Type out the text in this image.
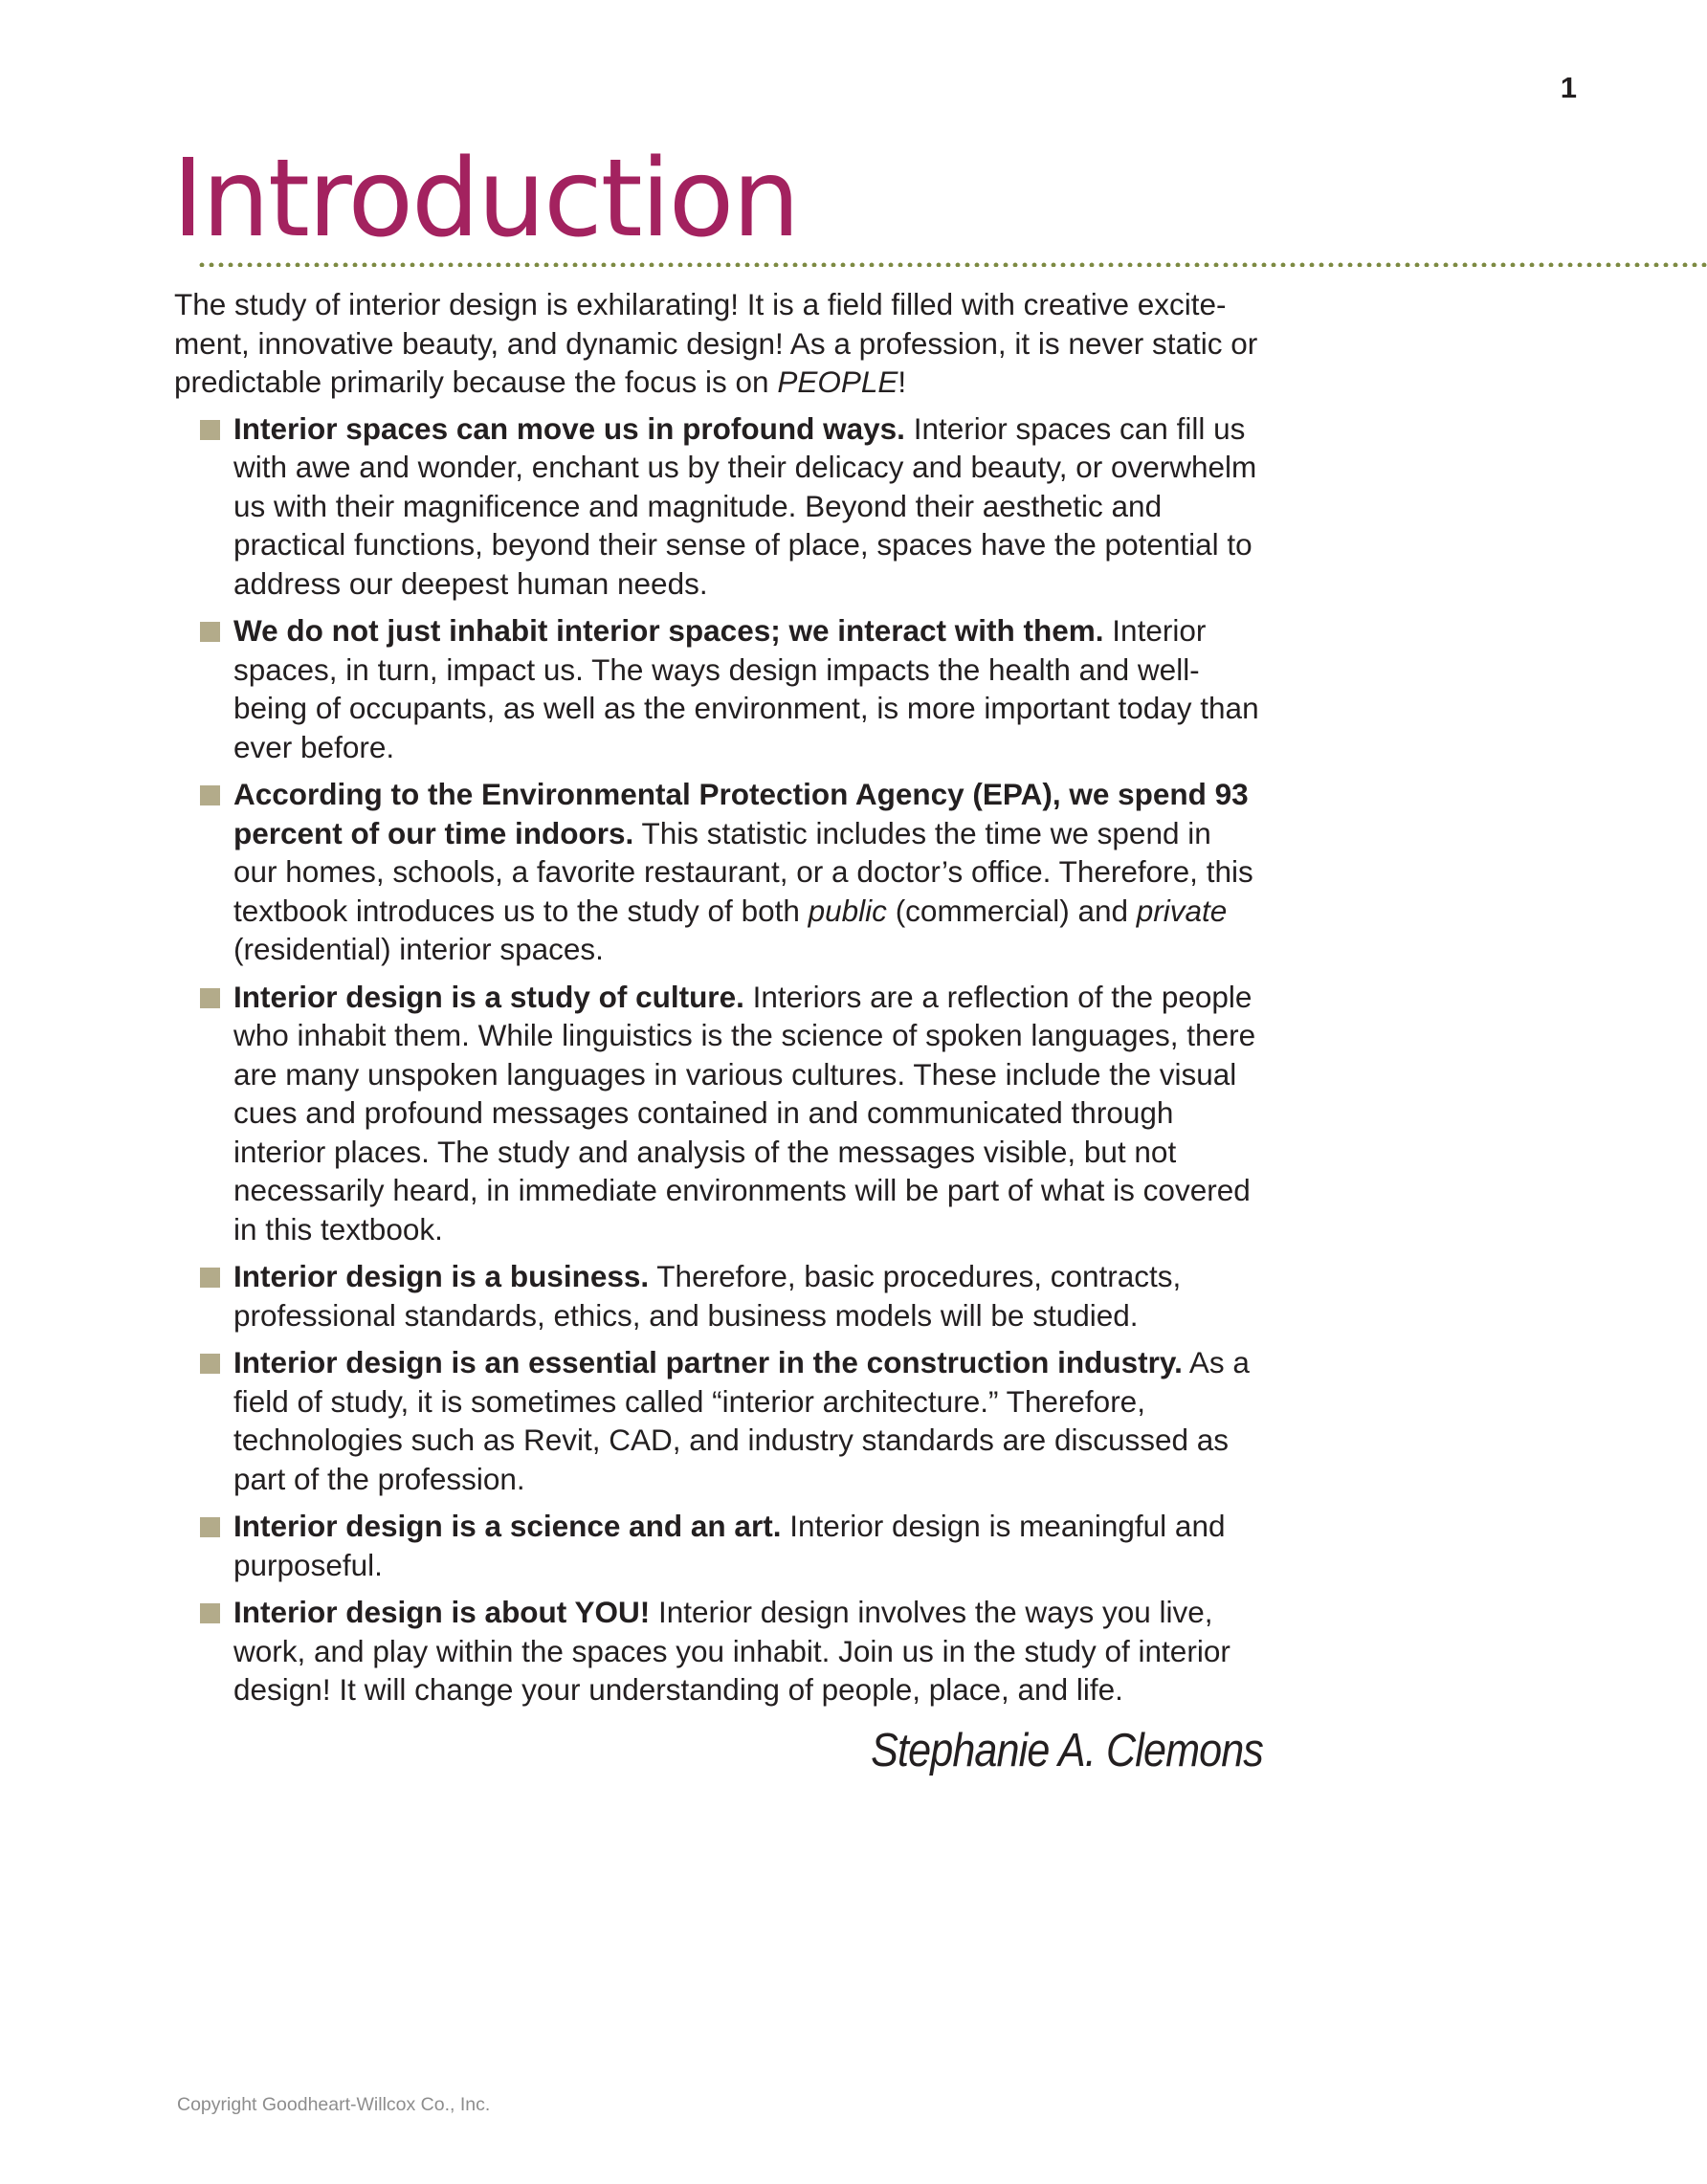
1
Introduction

The study of interior design is exhilarating! It is a field filled with creative excitement, innovative beauty, and dynamic design! As a profession, it is never static or predictable primarily because the focus is on PEOPLE!

Interior spaces can move us in profound ways. Interior spaces can fill us with awe and wonder, enchant us by their delicacy and beauty, or overwhelm us with their magnificence and magnitude. Beyond their aesthetic and practical functions, beyond their sense of place, spaces have the potential to address our deepest human needs.
We do not just inhabit interior spaces; we interact with them. Interior spaces, in turn, impact us. The ways design impacts the health and well-being of occupants, as well as the environment, is more important today than ever before.
According to the Environmental Protection Agency (EPA), we spend 93 percent of our time indoors. This statistic includes the time we spend in our homes, schools, a favorite restaurant, or a doctor’s office. Therefore, this textbook introduces us to the study of both public (commercial) and private (residential) interior spaces.
Interior design is a study of culture. Interiors are a reflection of the people who inhabit them. While linguistics is the science of spoken languages, there are many unspoken languages in various cultures. These include the visual cues and profound messages contained in and communicated through interior places. The study and analysis of the messages visible, but not necessarily heard, in immediate environments will be part of what is covered in this textbook.
Interior design is a business. Therefore, basic procedures, contracts, professional standards, ethics, and business models will be studied.
Interior design is an essential partner in the construction industry. As a field of study, it is sometimes called “interior architecture.” Therefore, technologies such as Revit, CAD, and industry standards are discussed as part of the profession.
Interior design is a science and an art. Interior design is meaningful and purposeful.
Interior design is about YOU! Interior design involves the ways you live, work, and play within the spaces you inhabit. Join us in the study of interior design! It will change your understanding of people, place, and life.
Stephanie A. Clemons
Copyright Goodheart-Willcox Co., Inc.
